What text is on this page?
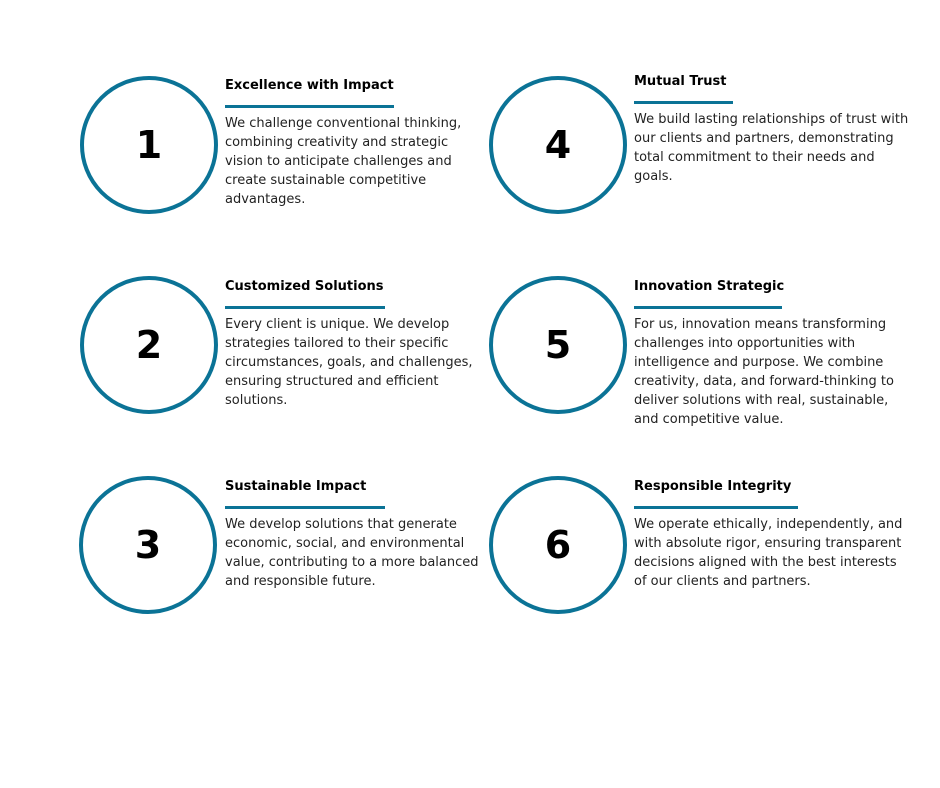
1
Excellence with Impact
We challenge conventional thinking, combining creativity and strategic vision to anticipate challenges and create sustainable competitive advantages.
2
Customized Solutions
Every client is unique. We develop strategies tailored to their specific circumstances, goals, and challenges, ensuring structured and efficient solutions.
3
Sustainable Impact
We develop solutions that generate economic, social, and environmental value, contributing to a more balanced and responsible future.
4
Mutual Trust
We build lasting relationships of trust with our clients and partners, demonstrating total commitment to their needs and goals.
5
Innovation Strategic
For us, innovation means transforming challenges into opportunities with intelligence and purpose. We combine creativity, data, and forward-thinking to deliver solutions with real, sustainable, and competitive value.
6
Responsible Integrity
We operate ethically, independently, and with absolute rigor, ensuring transparent decisions aligned with the best interests of our clients and partners.
